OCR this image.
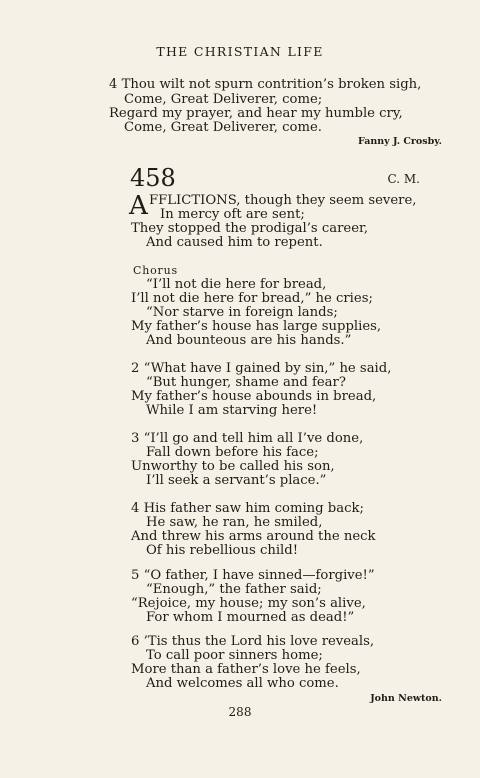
THE CHRISTIAN LIFE
4 Thou wilt not spurn contrition’s broken sigh,
Come, Great Deliverer, come;
Regard my prayer, and hear my humble cry,
Come, Great Deliverer, come.
Fanny J. Crosby.
458	C. M.
A FFLICTIONS, though they seem severe,
In mercy oft are sent;
They stopped the prodigal’s career,
And caused him to repent.
Chorus
“I’ll not die here for bread,
I’ll not die here for bread,” he cries;
“Nor starve in foreign lands;
My father’s house has large supplies,
And bounteous are his hands.”
2 “What have I gained by sin,” he said,
“But hunger, shame and fear?
My father’s house abounds in bread,
While I am starving here!
3 “I’ll go and tell him all I’ve done,
Fall down before his face;
Unworthy to be called his son,
I’ll seek a servant’s place.”
4 His father saw him coming back;
He saw, he ran, he smiled,
And threw his arms around the neck
Of his rebellious child!
5 “O father, I have sinned—forgive!”
“Enough,” the father said;
“Rejoice, my house; my son’s alive,
For whom I mourned as dead!”
6 ’Tis thus the Lord his love reveals,
To call poor sinners home;
More than a father’s love he feels,
And welcomes all who come.
John Newton.
288
